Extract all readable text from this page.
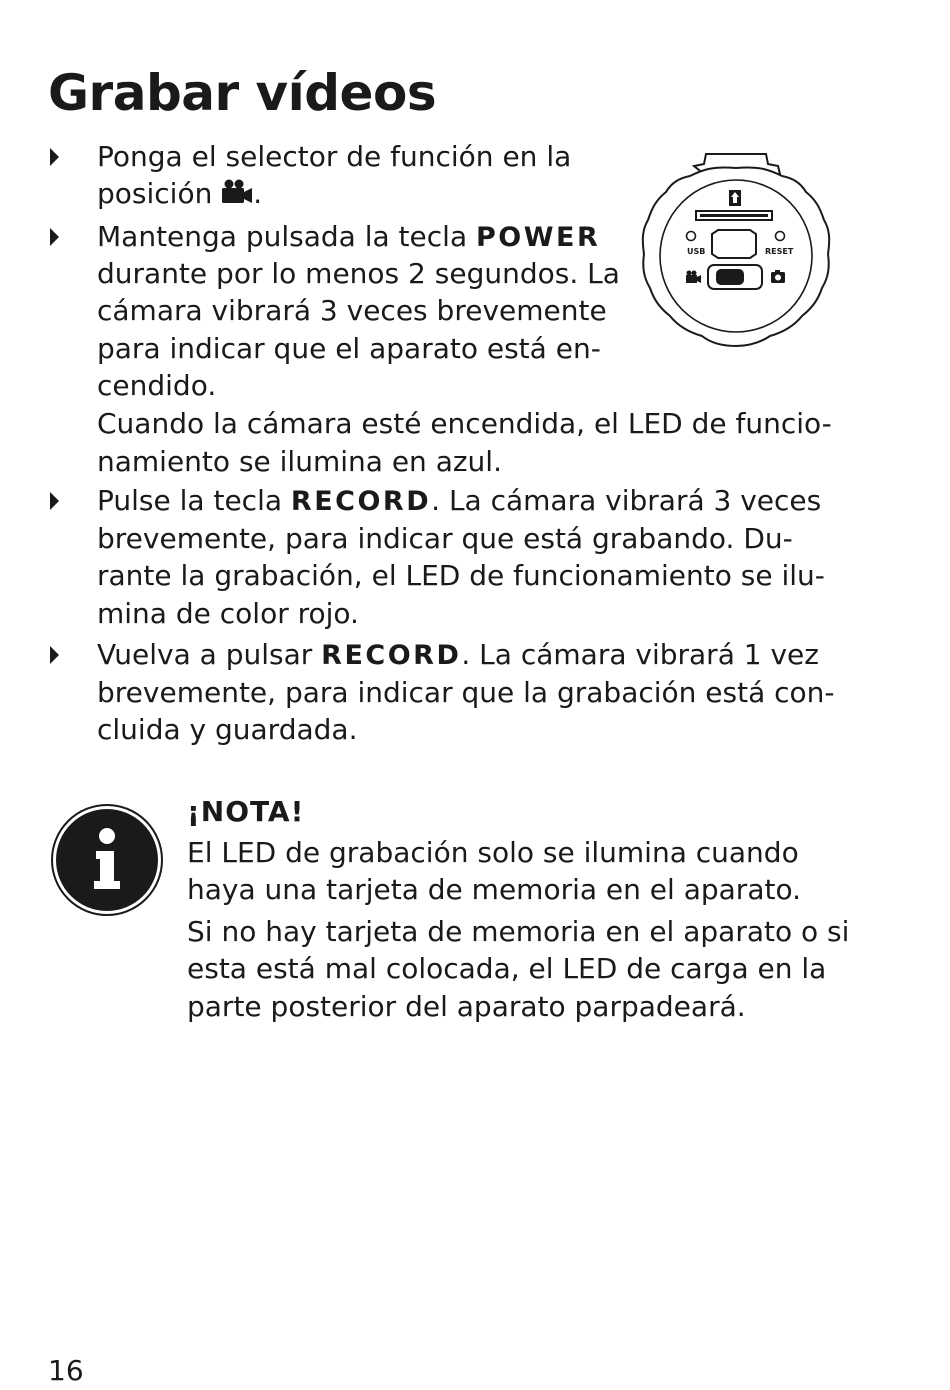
Grabar vídeos

Ponga el selector de función en la

posición .

Mantenga pulsada la tecla POWER

durante por lo menos 2 segundos. La

cámara vibrará 3 veces brevemente

para indicar que el aparato está en-

cendido.

Cuando la cámara esté encendida, el LED de funcio-

namiento se ilumina en azul.

Pulse la tecla RECORD. La cámara vibrará 3 veces

brevemente, para indicar que está grabando. Du-

rante la grabación, el LED de funcionamiento se ilu-

mina de color rojo.

Vuelva a pulsar RECORD. La cámara vibrará 1 vez

brevemente, para indicar que la grabación está con-

cluida y guardada.

USB	RESET

¡NOTA!

El LED de grabación solo se ilumina cuando

haya una tarjeta de memoria en el aparato.

Si no hay tarjeta de memoria en el aparato o si

esta está mal colocada, el LED de carga en la

parte posterior del aparato parpadeará.

16
